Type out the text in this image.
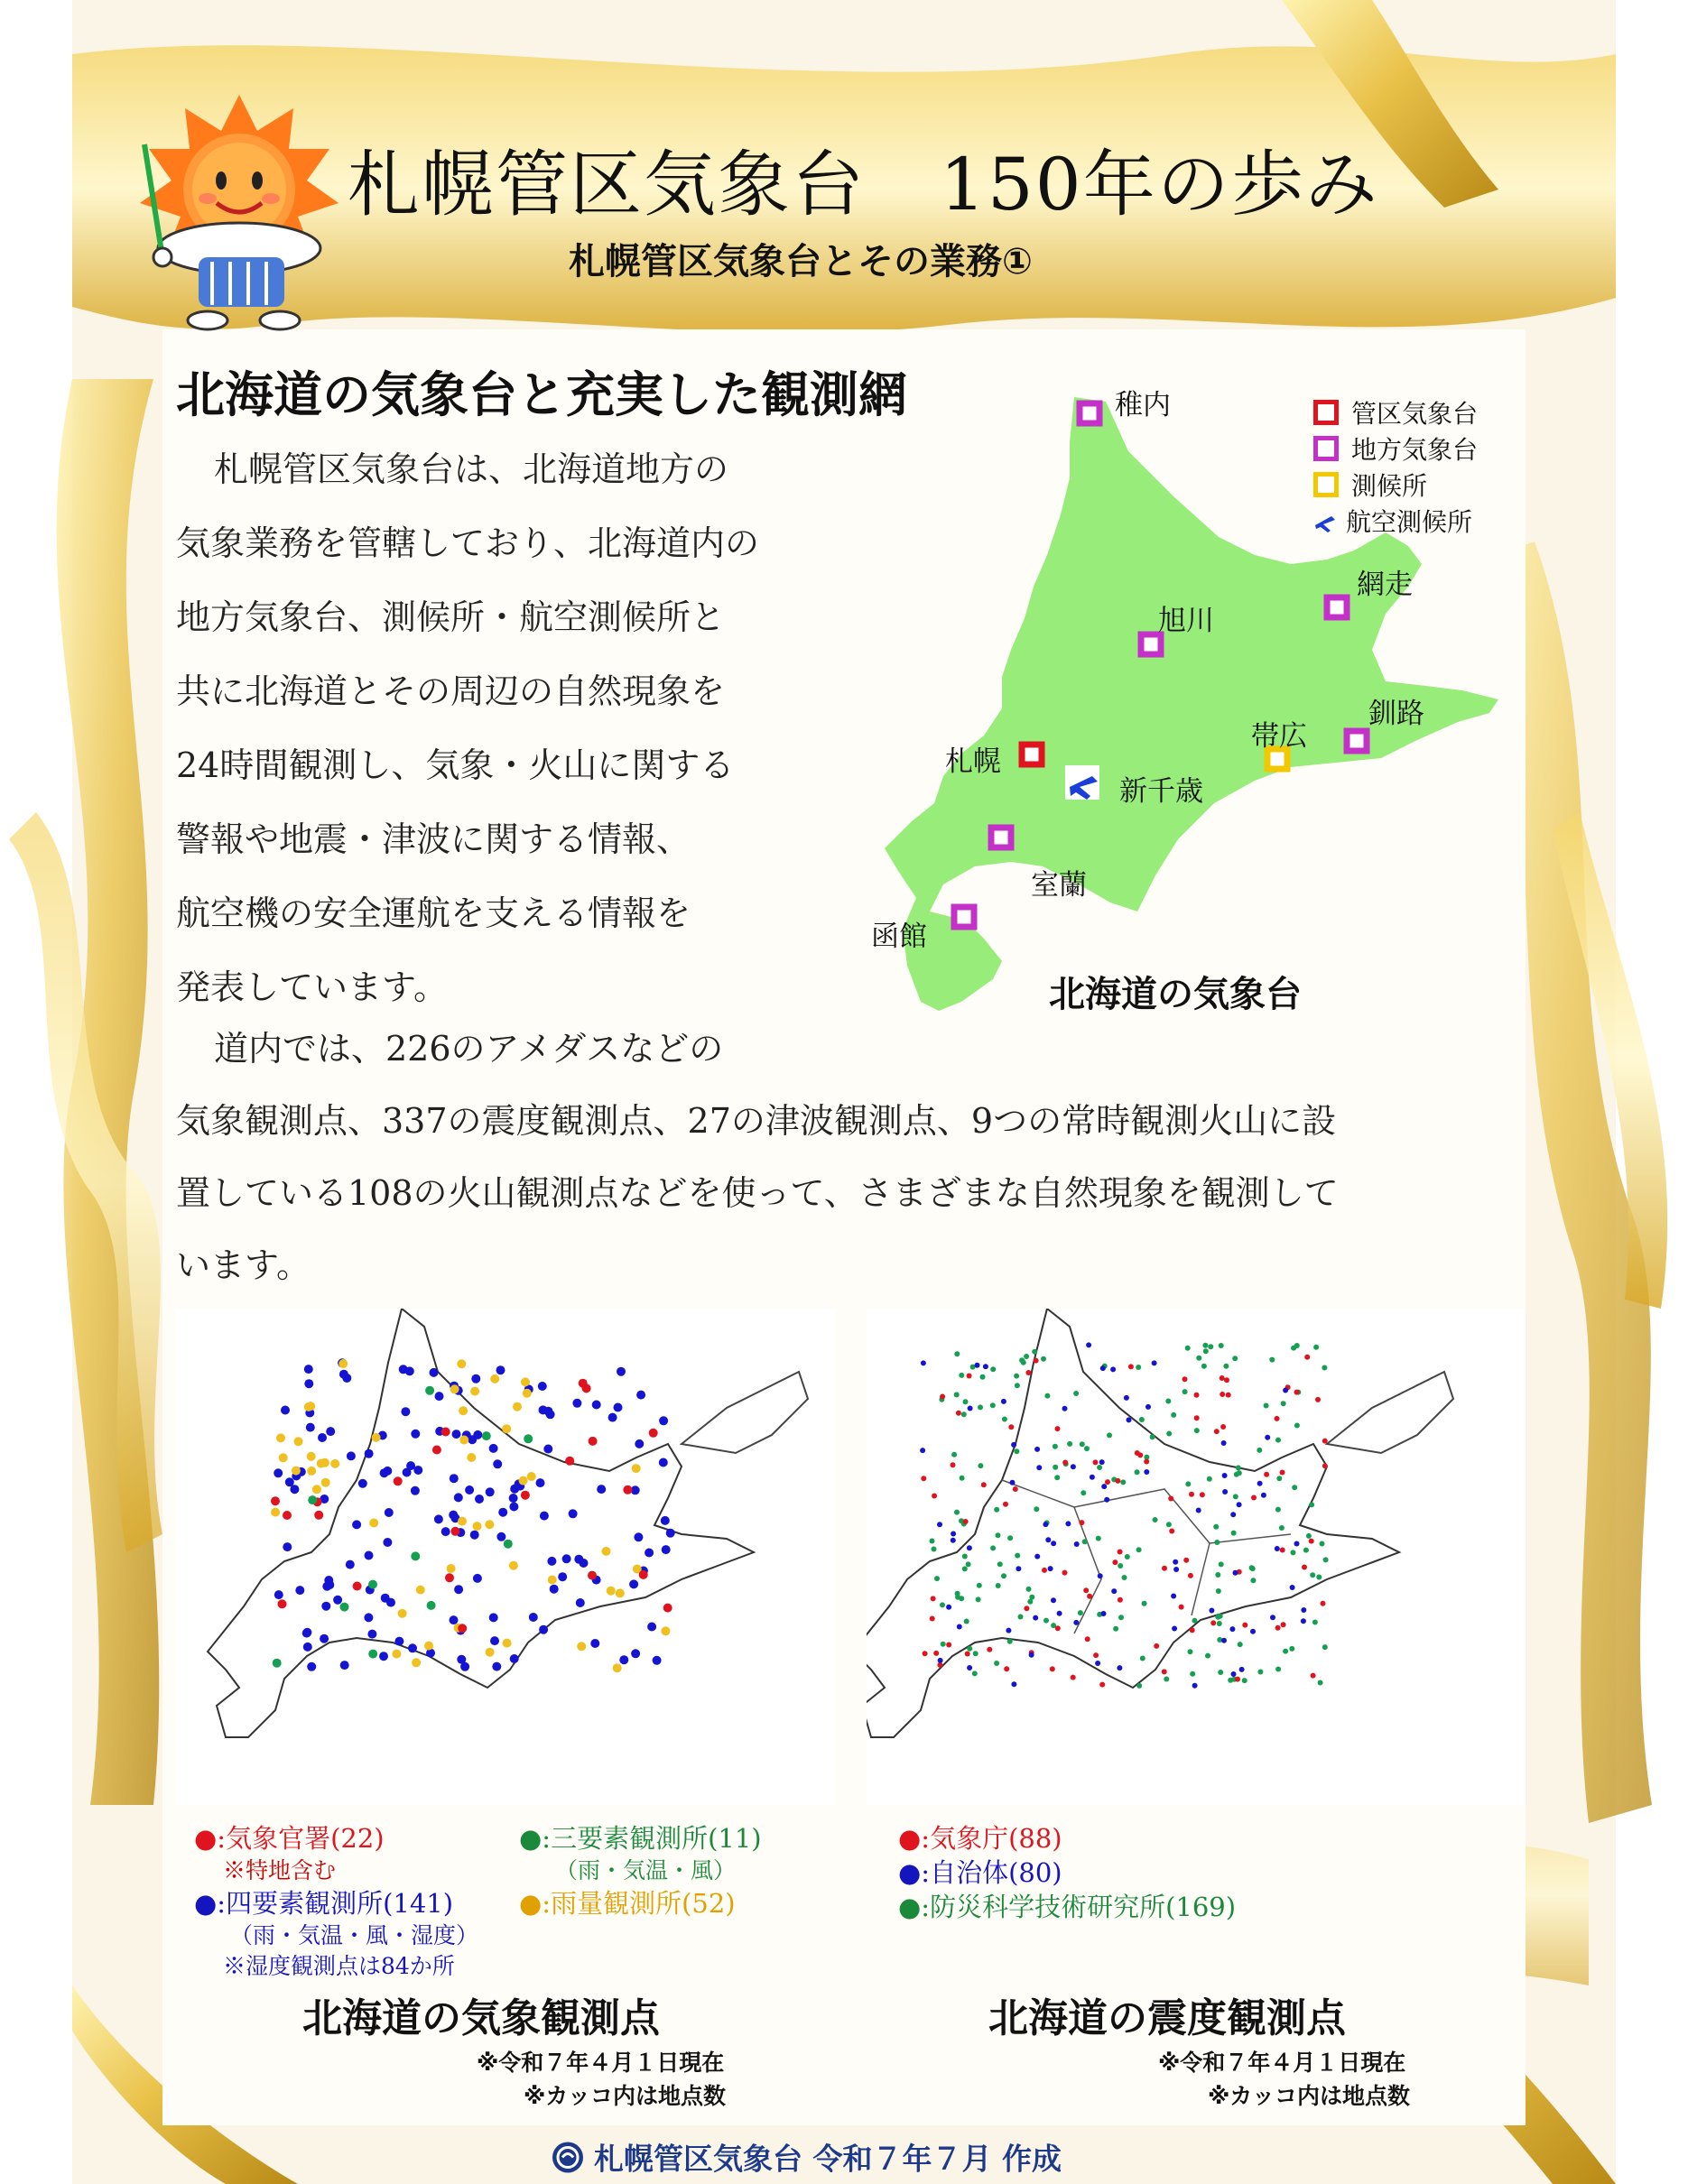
札幌管区気象台　150年の歩み
札幌管区気象台とその業務①
北海道の気象台と充実した観測網
札幌管区気象台は、北海道地方の
気象業務を管轄しており、北海道内の
地方気象台、測候所・航空測候所と
共に北海道とその周辺の自然現象を
24時間観測し、気象・火山に関する
警報や地震・津波に関する情報、
航空機の安全運航を支える情報を
発表しています。
道内では、226のアメダスなどの
気象観測点、337の震度観測点、27の津波観測点、9つの常時観測火山に設
置している108の火山観測点などを使って、さまざまな自然現象を観測して
います。
稚内
網走
旭川
帯広
釧路
札幌
新千歳
室蘭
函館
管区気象台
地方気象台
測候所
航空測候所
北海道の気象台
●:気象官署(22)
※特地含む
●:四要素観測所(141)
（雨・気温・風・湿度）
※湿度観測点は84か所
●:三要素観測所(11)
（雨・気温・風）
●:雨量観測所(52)
北海道の気象観測点
※令和７年４月１日現在
※カッコ内は地点数
●:気象庁(88)
●:自治体(80)
●:防災科学技術研究所(169)
北海道の震度観測点
※令和７年４月１日現在
※カッコ内は地点数
札幌管区気象台 令和７年７月 作成
